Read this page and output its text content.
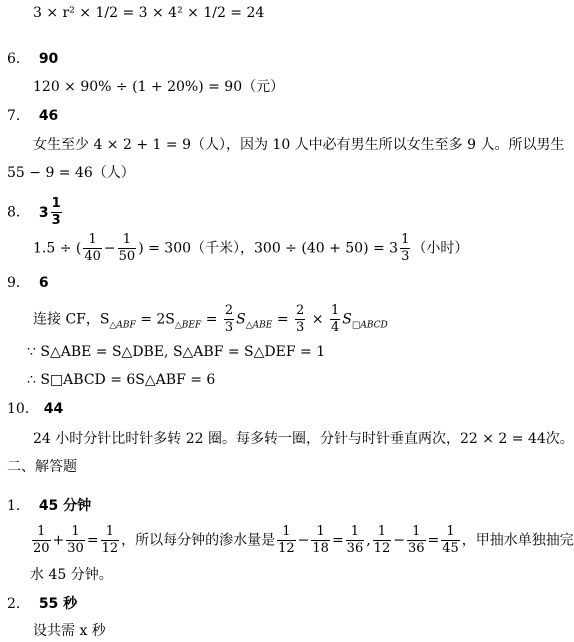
3 × r² × 1/2 = 3 × 4² × 1/2 = 24
6. 90
120 × 90% ÷ (1 + 20%) = 90（元）
7. 46
女生至少 4 × 2 + 1 = 9（人），因为 10 人中必有男生所以女生至多 9 人。所以男生
55 − 9 = 46（人）
8. $3 \frac{1}{3}$
1.5 ÷ ( $\frac{1}{40} - \frac{1}{50}$ ) = 300（千米），$300 \div (40 + 50) = 3 \frac{1}{3}$ （小时）
9. 6
连接 CF，$S_{\triangle ABF} = 2S_{\triangle BEF} = \frac{2}{3} S_{\triangle ABE} = \frac{2}{3} \times \frac{1}{4} S_{□ABCD}$
∵ S△ABE = S△DBE, S△ABF = S△DEF = 1
∴ S□ABCD = 6S△ABF = 6
10. 44
24 小时分针比时针多转 22 圈。每多转一圈，分针与时针垂直两次，22 × 2 = 44次。
二、解答题
1. 45 分钟
$\frac{1}{20} + \frac{1}{30} = \frac{1}{12}$ ，所以每分钟的渗水量是 $\frac{1}{12} - \frac{1}{18} = \frac{1}{36}$ , $\frac{1}{12} - \frac{1}{36} = \frac{1}{45}$ ，甲抽水单独抽完
水 45 分钟。
2. 55 秒
设共需 x 秒
